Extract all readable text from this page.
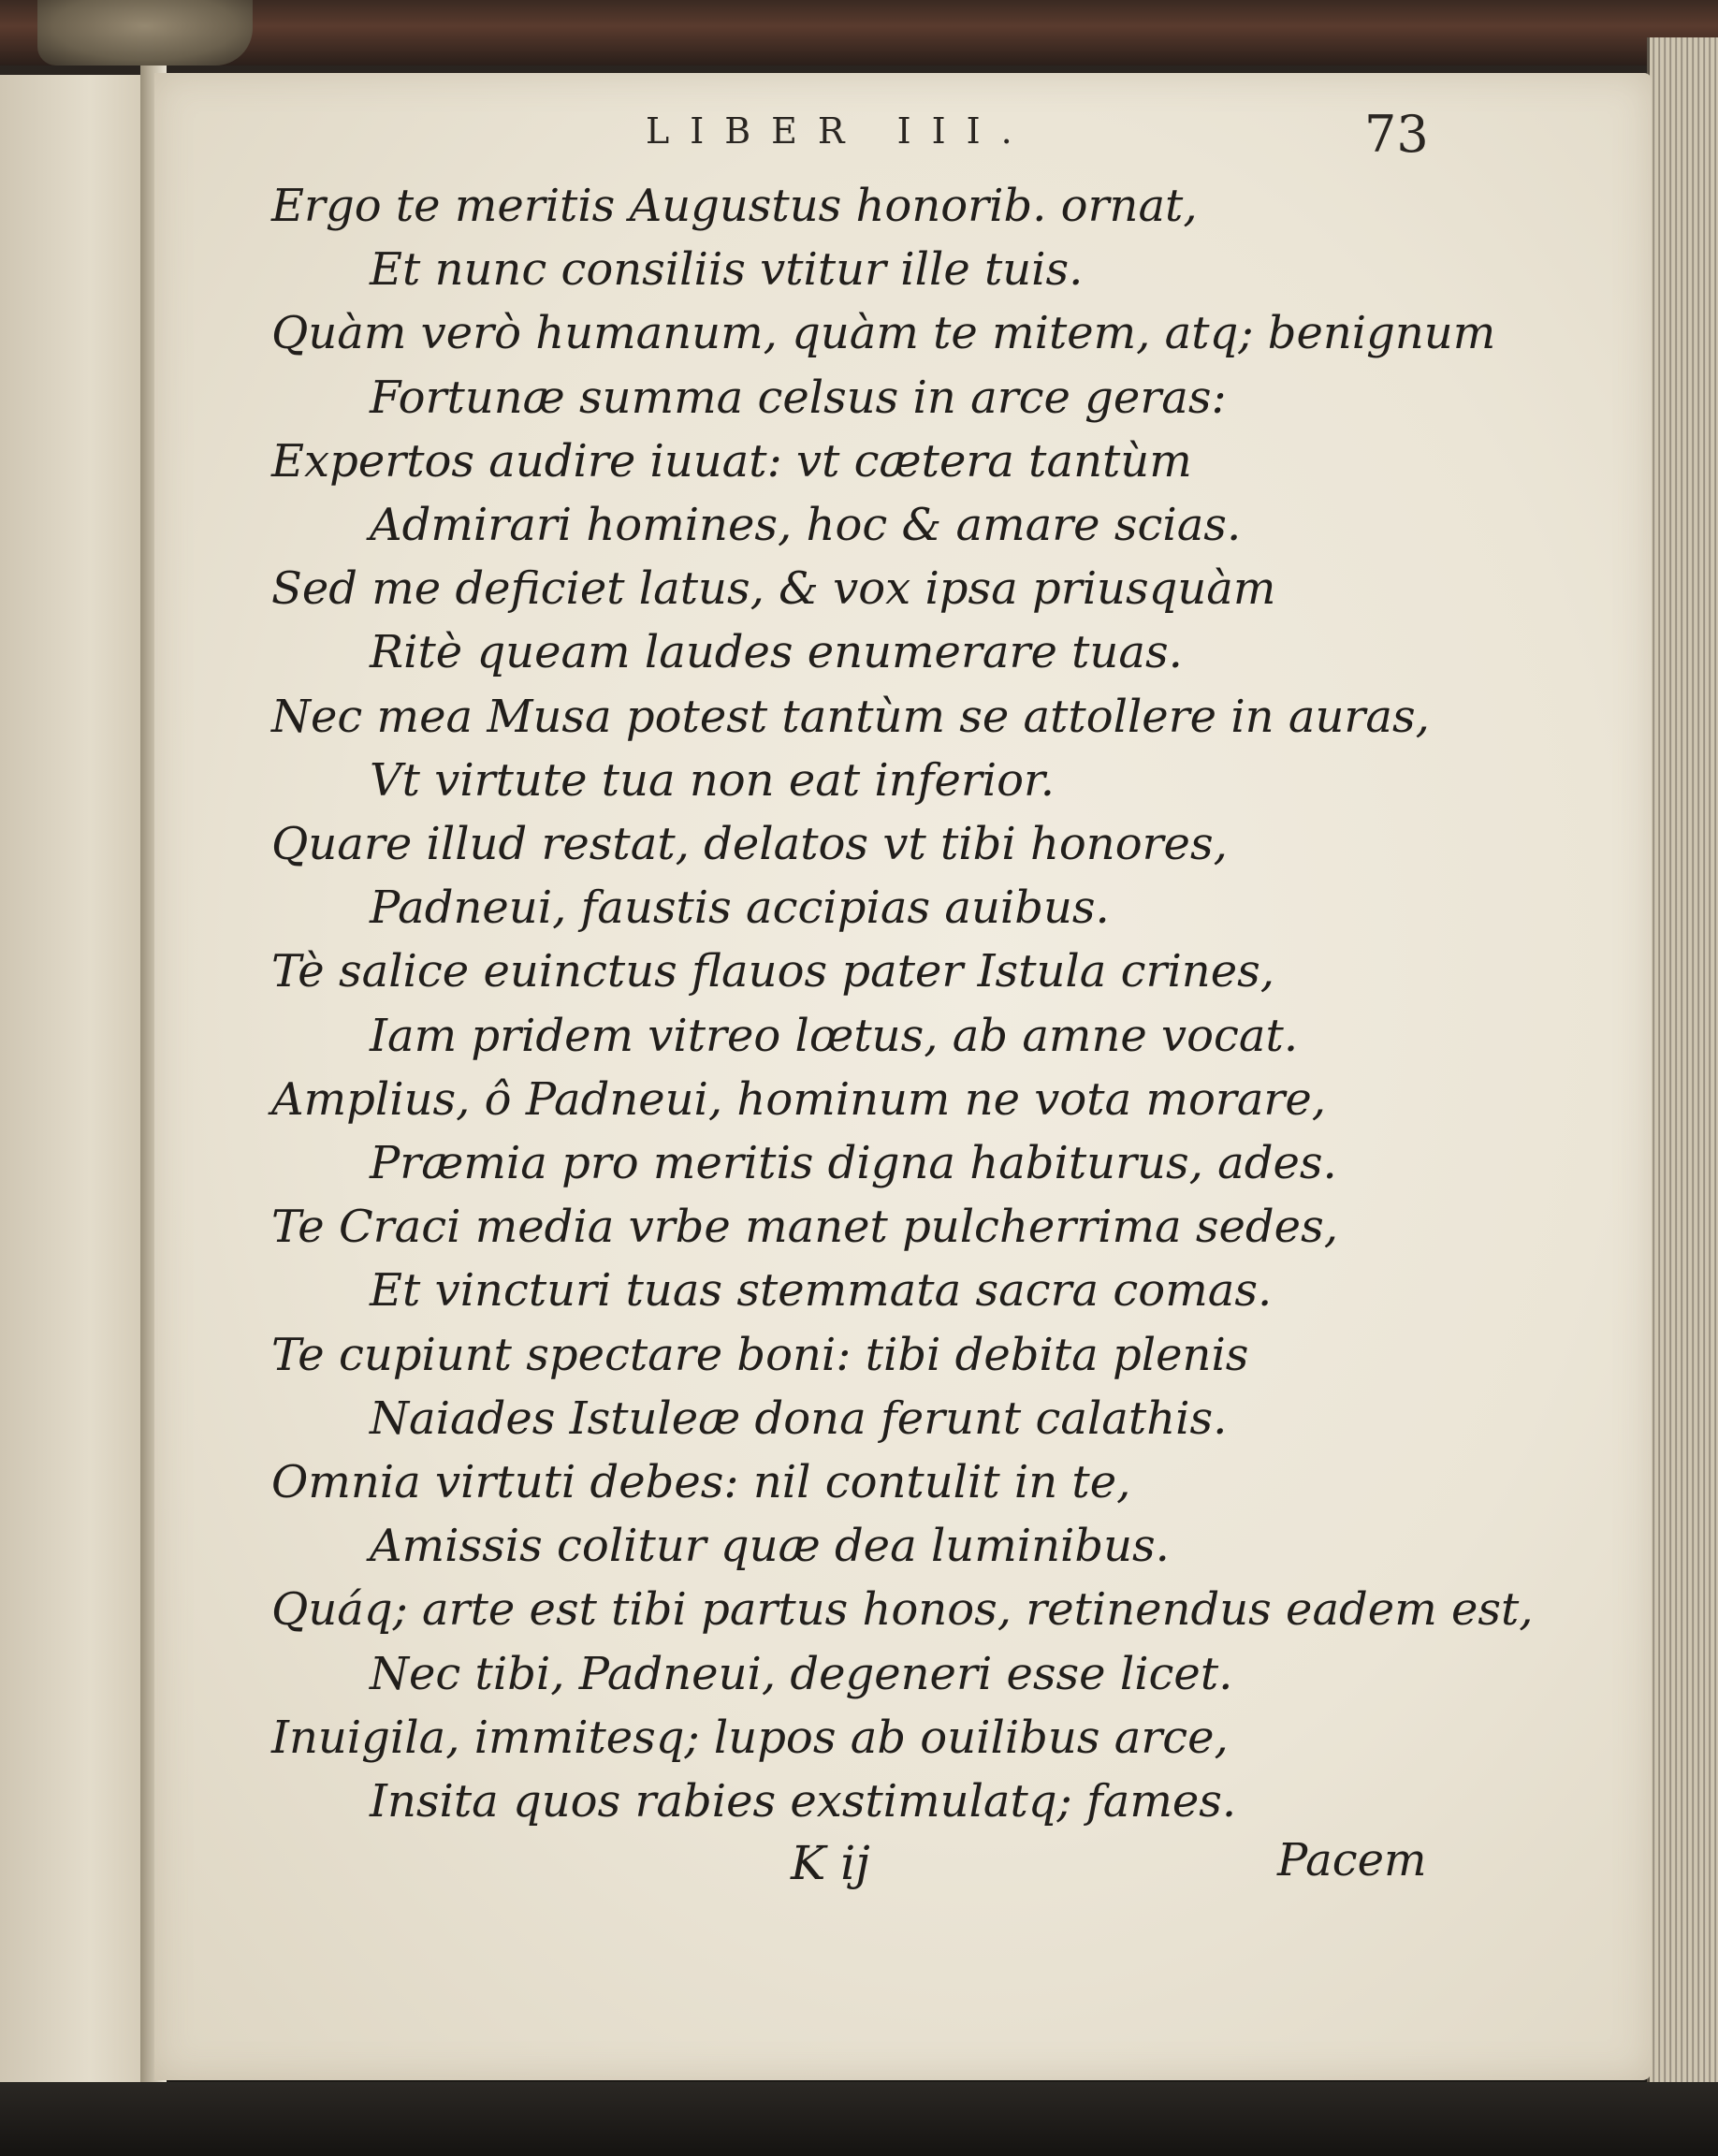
LIBER III.	73
Ergo te meritis Augustus honorib. ornat,
Et nunc consiliis vtitur ille tuis.
Quàm verò humanum, quàm te mitem, atq; benignum
Fortunæ summa celsus in arce geras:
Expertos audire iuuat: vt cætera tantùm
Admirari homines, hoc & amare scias.
Sed me deficiet latus, & vox ipsa priusquàm
Ritè queam laudes enumerare tuas.
Nec mea Musa potest tantùm se attollere in auras,
Vt virtute tua non eat inferior.
Quare illud restat, delatos vt tibi honores,
Padneui, faustis accipias auibus.
Tè salice euinctus flauos pater Istula crines,
Iam pridem vitreo lœtus, ab amne vocat.
Amplius, ô Padneui, hominum ne vota morare,
Præmia pro meritis digna habiturus, ades.
Te Craci media vrbe manet pulcherrima sedes,
Et vincturi tuas stemmata sacra comas.
Te cupiunt spectare boni: tibi debita plenis
Naiades Istuleæ dona ferunt calathis.
Omnia virtuti debes: nil contulit in te,
Amissis colitur quæ dea luminibus.
Quáq; arte est tibi partus honos, retinendus eadem est,
Nec tibi, Padneui, degeneri esse licet.
Inuigila, immitesq; lupos ab ouilibus arce,
Insita quos rabies exstimulatq; fames.
K ij	Pacem
